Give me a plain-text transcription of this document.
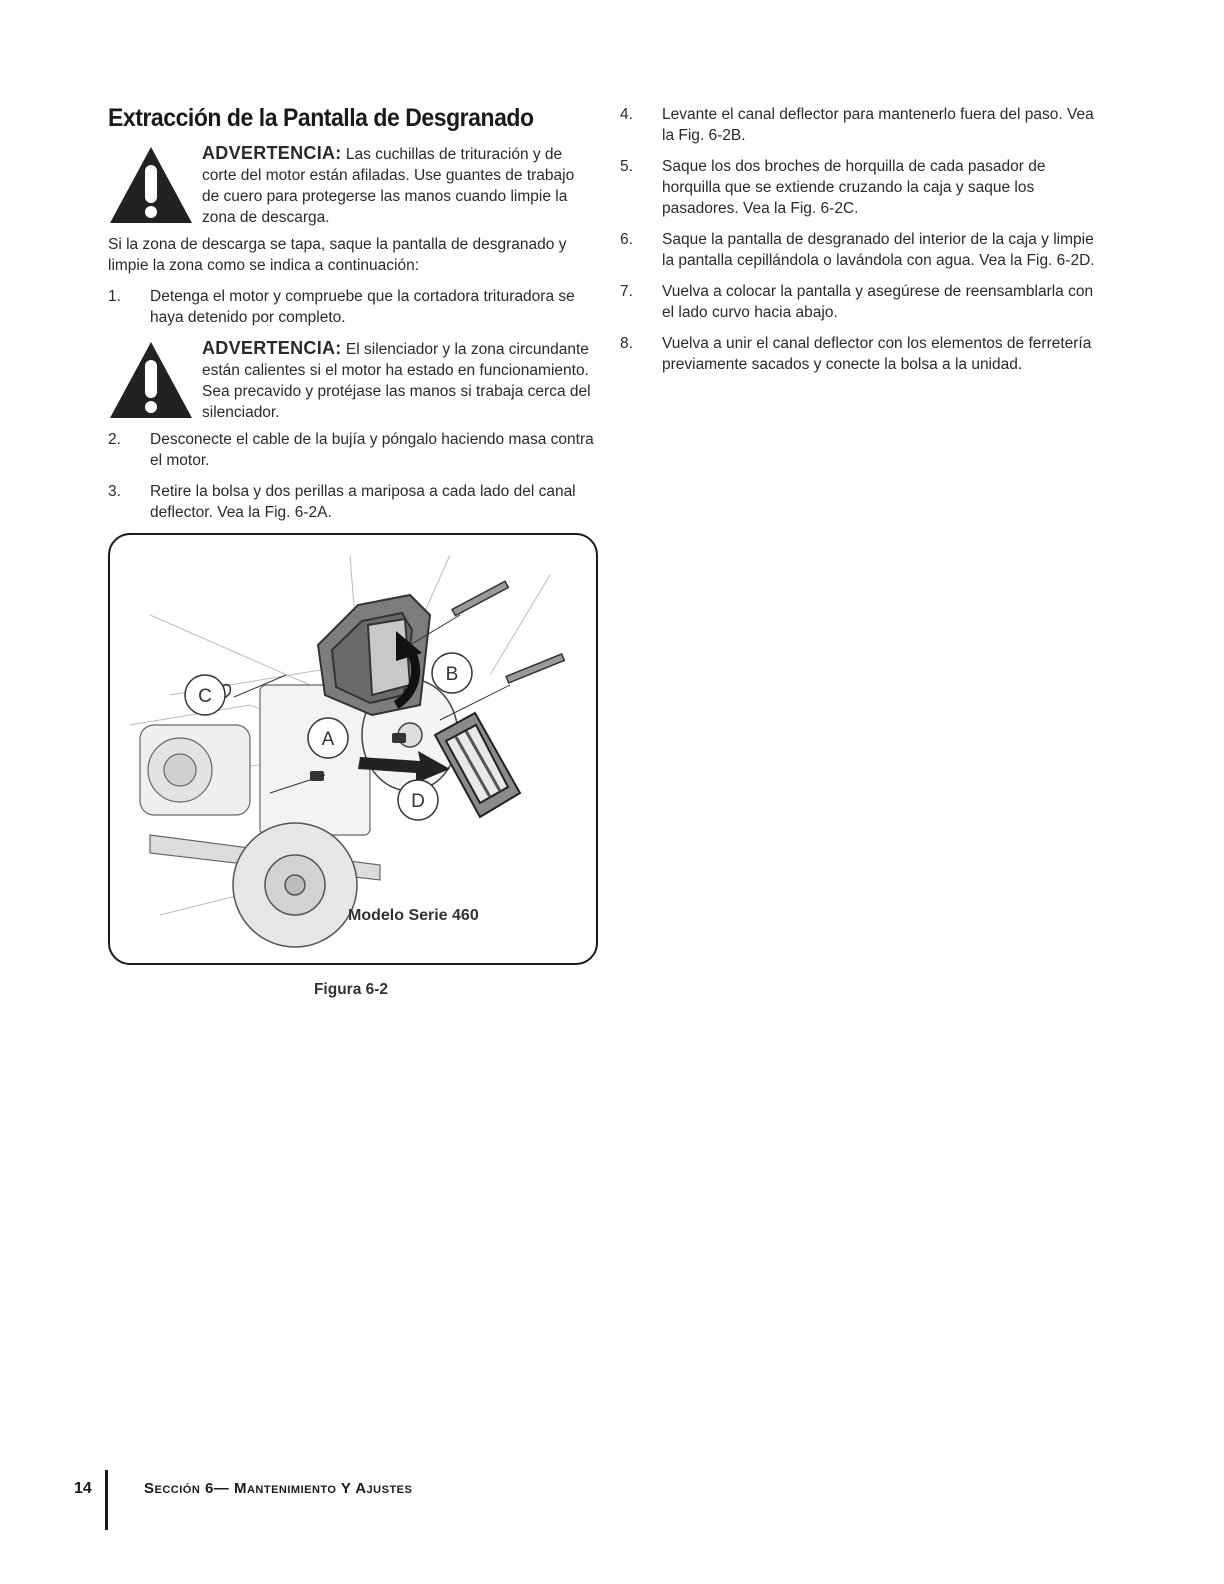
Extracción de la Pantalla de Desgranado

ADVERTENCIA: Las cuchillas de trituración y de corte del motor están afiladas. Use guantes de trabajo de cuero para protegerse las manos cuando limpie la zona de descarga.

Si la zona de descarga se tapa, saque la pantalla de desgranado y limpie la zona como se indica a continuación:

1. Detenga el motor y compruebe que la cortadora trituradora se haya detenido por completo.

ADVERTENCIA: El silenciador y la zona circundante están calientes si el motor ha estado en funcionamiento. Sea precavido y protéjase las manos si trabaja cerca del silenciador.

2. Desconecte el cable de la bujía y póngalo haciendo masa contra el motor.
3. Retire la bolsa y dos perillas a mariposa a cada lado del canal deflector. Vea la Fig. 6-2A.
C
B
A
D
Modelo Serie 460
Figura 6-2
4. Levante el canal deflector para mantenerlo fuera del paso. Vea la Fig. 6-2B.
5. Saque los dos broches de horquilla de cada pasador de horquilla que se extiende cruzando la caja y saque los pasadores. Vea la Fig. 6-2C.
6. Saque la pantalla de desgranado del interior de la caja y limpie la pantalla cepillándola o lavándola con agua. Vea la Fig. 6-2D.
7. Vuelva a colocar la pantalla y asegúrese de reensamblarla con el lado curvo hacia abajo.
8. Vuelva a unir el canal deflector con los elementos de ferretería previamente sacados y conecte la bolsa a la unidad.
14	Sección 6— Mantenimiento Y Ajustes
